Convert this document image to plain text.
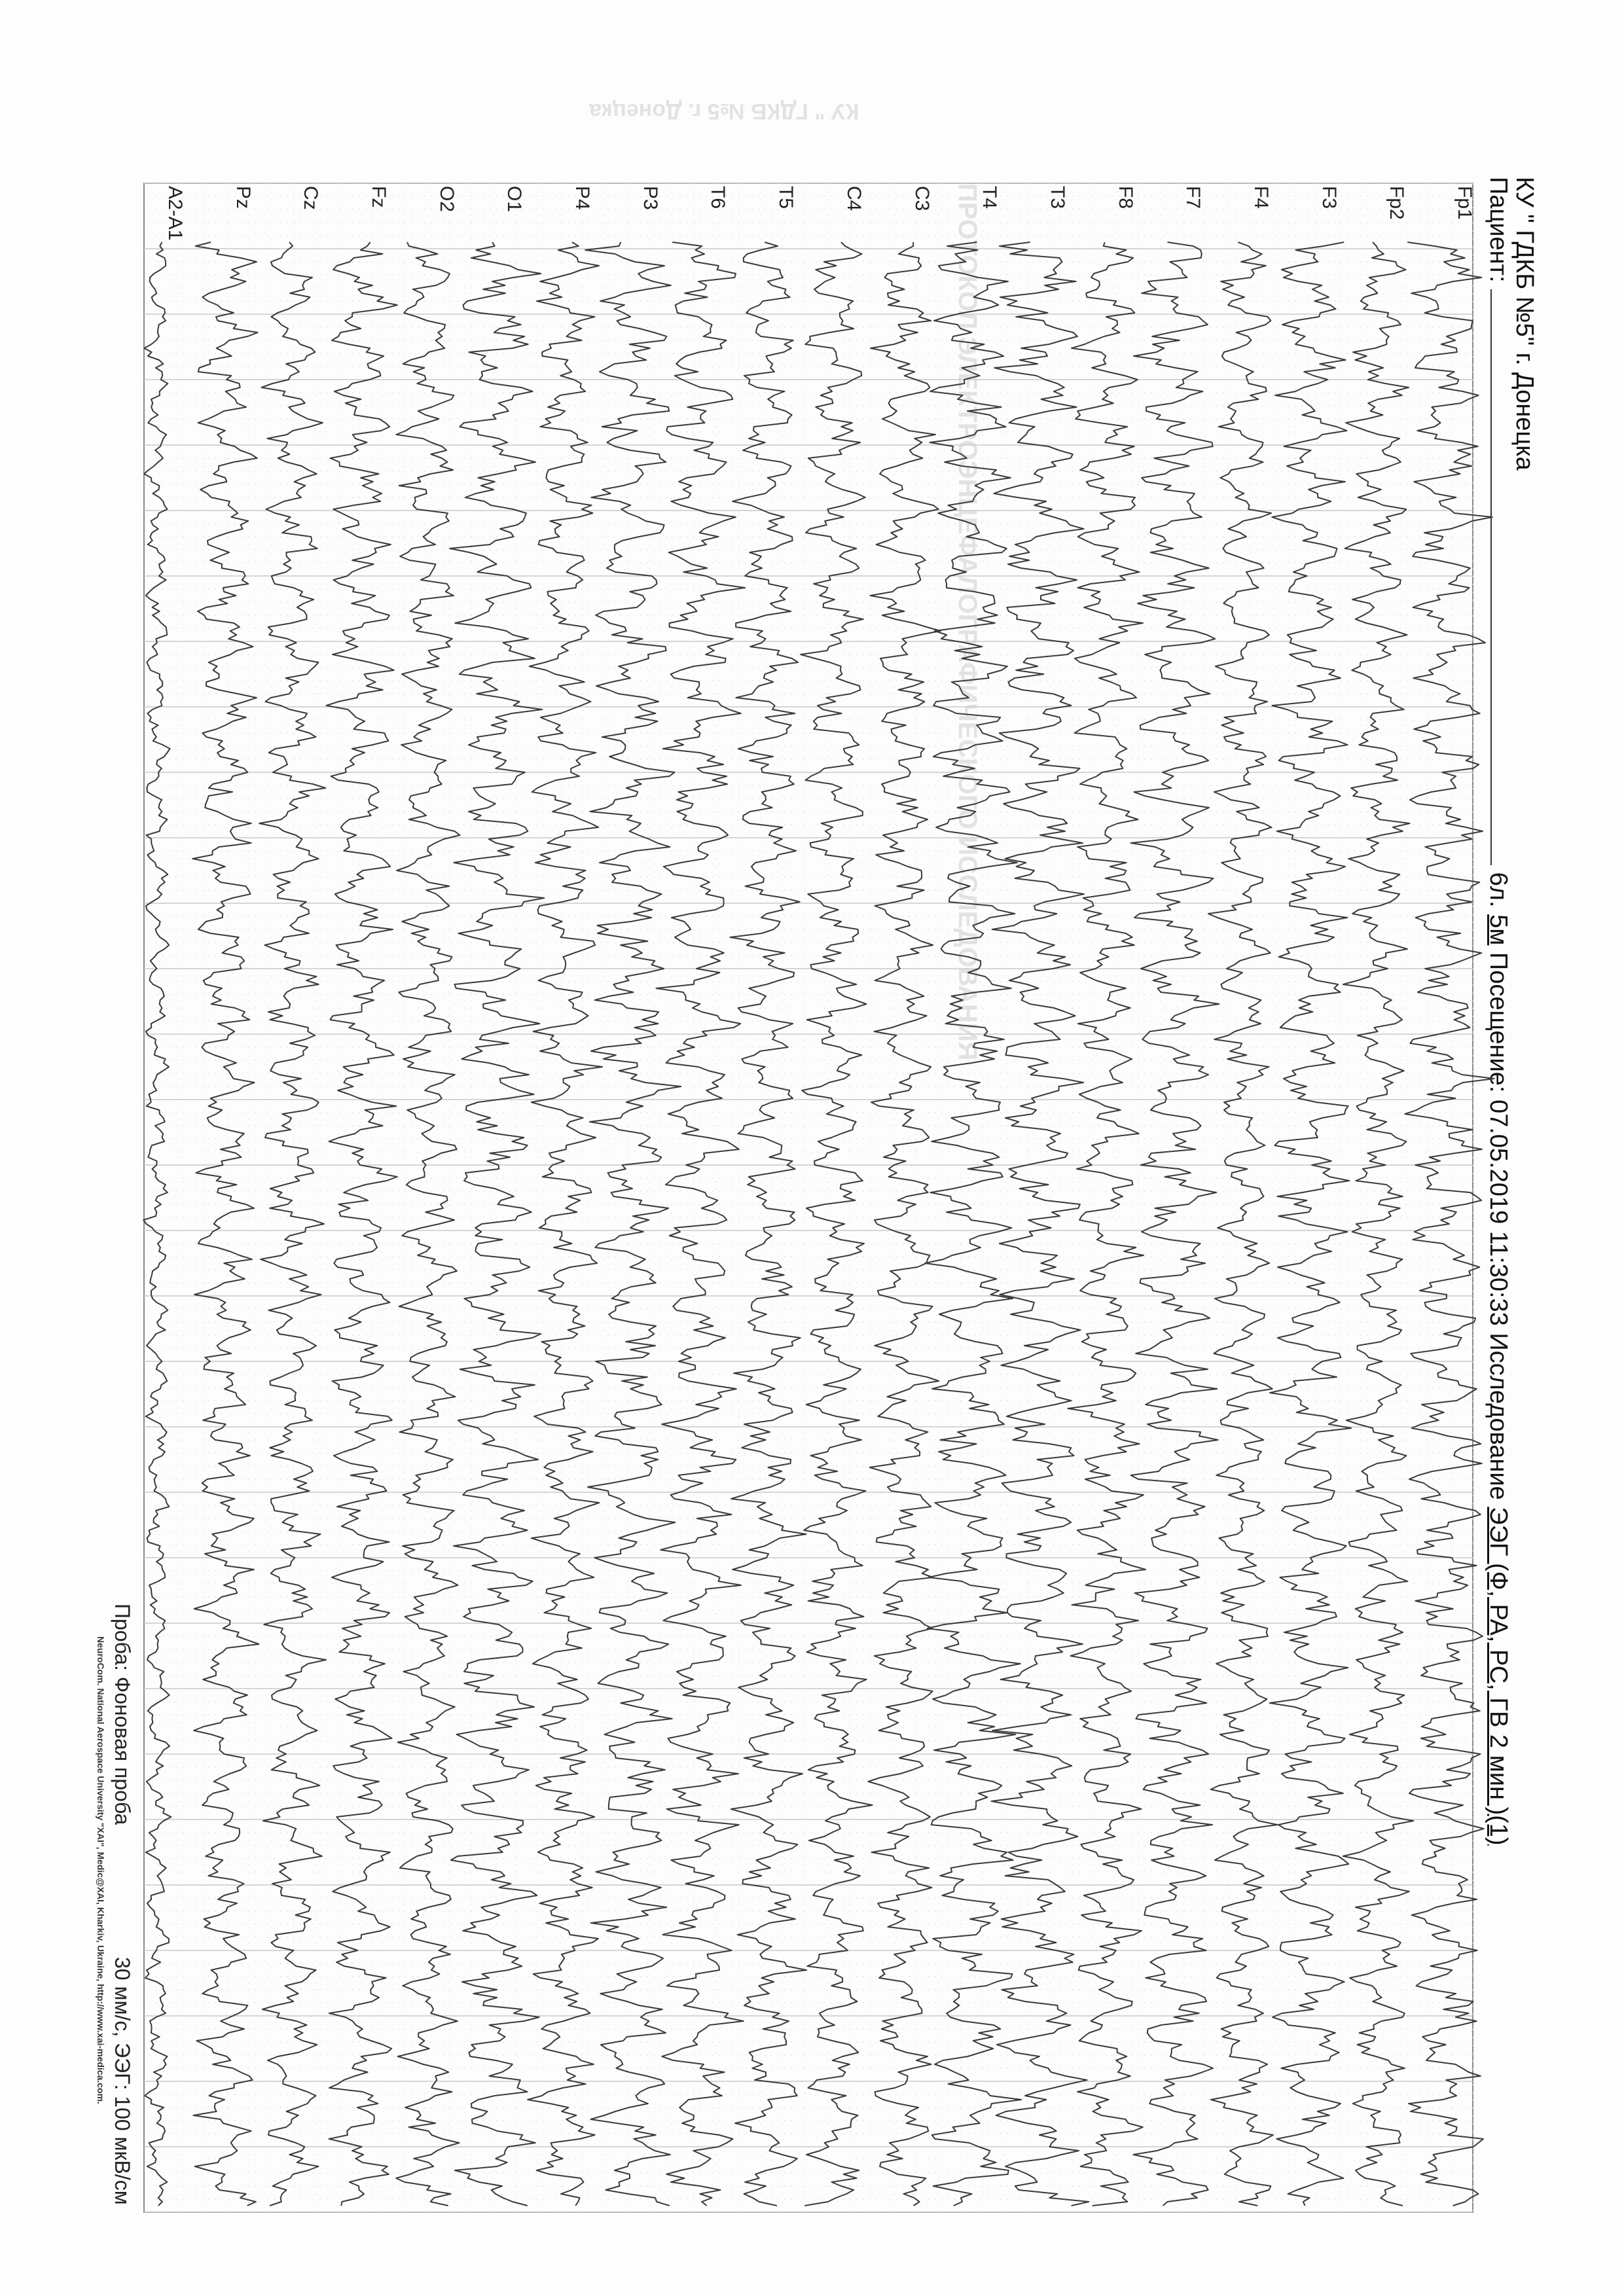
КУ " ГДКБ №5 г. Донецка
ПРОТОКОЛ ЭЛЕКТРОЭНЦЕФАЛОГРАФИЧЕСКОГО ИССЛЕДОВАНИЯ	КУ " ГДКБ №5" г. Донецка
Пациент:  6л. 5м Посещение: 07.05.2019 11:30:33 Исследование ЭЭГ (Ф, РА, РС, ГВ 2 мин )(1)
Fp1
Fp2
F3
F4
F7
F8
T3
T4
C3
C4
T5
T6
P3
P4
O1
O2
Fz
Cz
Pz
A2-A1
Проба: Фоновая проба
30 мм/с, ЭЭГ: 100 мкВ/см
NeuroCom. National Aerospace University "XAI", Medic@XAI, Kharkiv, Ukraine, http://www.xai-medica.com.
